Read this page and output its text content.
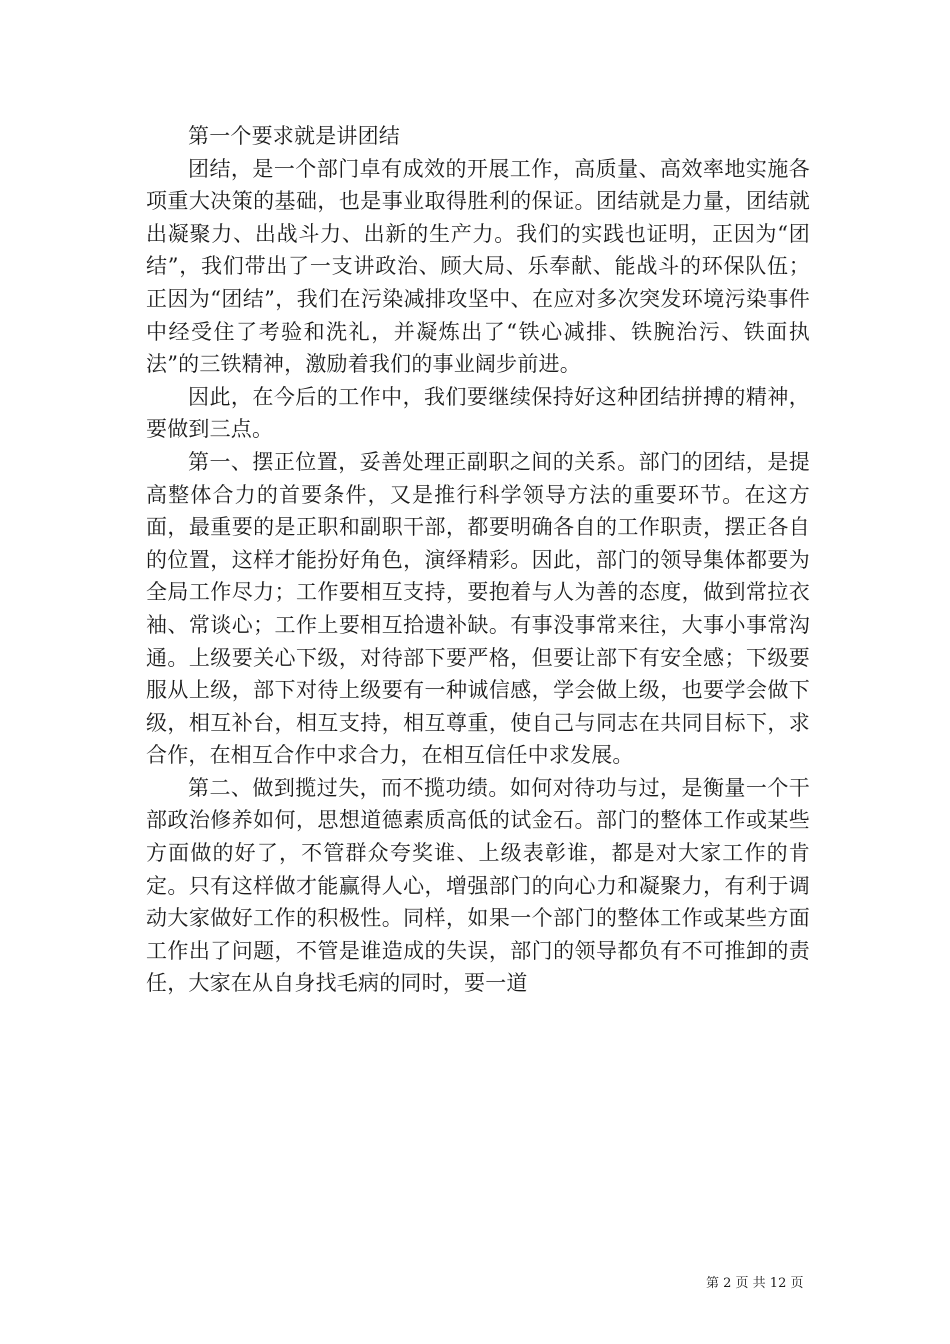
第一个要求就是讲团结

团结，是一个部门卓有成效的开展工作，高质量、高效率地实施各项重大决策的基础，也是事业取得胜利的保证。团结就是力量，团结就出凝聚力、出战斗力、出新的生产力。我们的实践也证明，正因为“团结”，我们带出了一支讲政治、顾大局、乐奉献、能战斗的环保队伍；正因为“团结”，我们在污染减排攻坚中、在应对多次突发环境污染事件中经受住了考验和洗礼，并凝炼出了“铁心减排、铁腕治污、铁面执法”的三铁精神，激励着我们的事业阔步前进。

因此，在今后的工作中，我们要继续保持好这种团结拼搏的精神，要做到三点。

第一、摆正位置，妥善处理正副职之间的关系。部门的团结，是提高整体合力的首要条件，又是推行科学领导方法的重要环节。在这方面，最重要的是正职和副职干部，都要明确各自的工作职责，摆正各自的位置，这样才能扮好角色，演绎精彩。因此，部门的领导集体都要为全局工作尽力；工作要相互支持，要抱着与人为善的态度，做到常拉衣袖、常谈心；工作上要相互拾遗补缺。有事没事常来往，大事小事常沟通。上级要关心下级，对待部下要严格，但要让部下有安全感；下级要服从上级，部下对待上级要有一种诚信感，学会做上级，也要学会做下级，相互补台，相互支持，相互尊重，使自己与同志在共同目标下，求合作，在相互合作中求合力，在相互信任中求发展。

第二、做到揽过失，而不揽功绩。如何对待功与过，是衡量一个干部政治修养如何，思想道德素质高低的试金石。部门的整体工作或某些方面做的好了，不管群众夸奖谁、上级表彰谁，都是对大家工作的肯定。只有这样做才能赢得人心，增强部门的向心力和凝聚力，有利于调动大家做好工作的积极性。同样，如果一个部门的整体工作或某些方面工作出了问题，不管是谁造成的失误，部门的领导都负有不可推卸的责任，大家在从自身找毛病的同时，要一道

第 2 页 共 12 页
